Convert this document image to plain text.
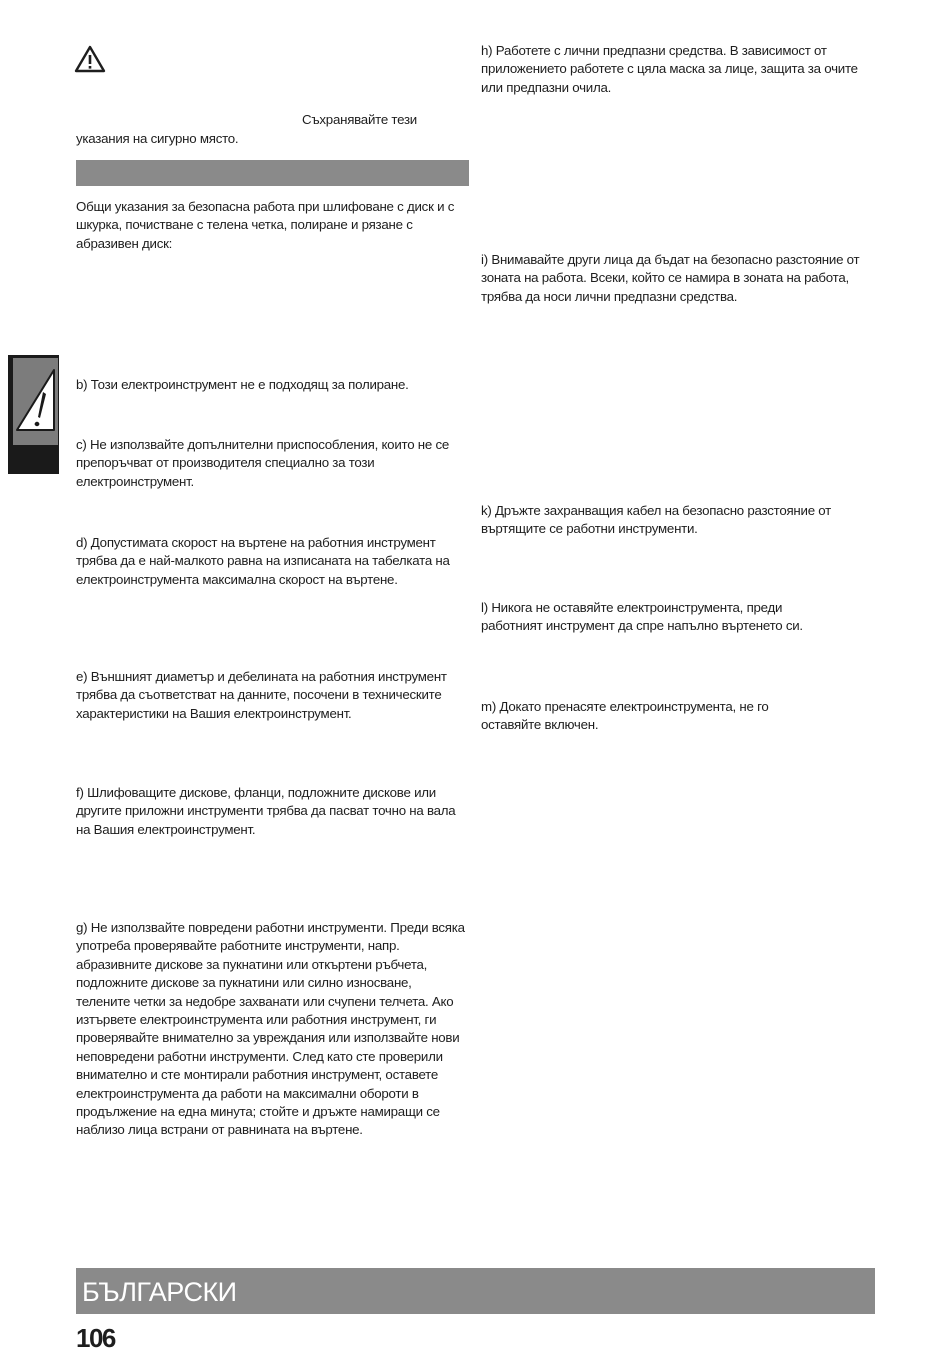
Съхранявайте тези

указания на сигурно място.

Общи указания за безопасна работа при шлифоване с диск и с шкурка, почистване с телена четка, полиране и рязане с абразивен диск:

b) Този електроинструмент не е подходящ за полиране.

c) Не използвайте допълнителни приспособления, които не се препоръчват от производителя специално за този електроинструмент.

d) Допустимата скорост на въртене на работния инструмент трябва да е най-малкото равна на изписаната на табелката на електроинструмента максимална скорост на въртене.

e) Външният диаметър и дебелината на работния инструмент трябва да съответстват на данните, посочени в техническите характеристики на Вашия електроинструмент.

f) Шлифоващите дискове, фланци, подложните дискове или другите приложни инструменти трябва да пасват точно на вала на Вашия електроинструмент.

g) Не използвайте повредени работни инструменти. Преди всяка употреба проверявайте работните инструменти, напр. абразивните дискове за пукнатини или откъртени ръбчета, подложните дискове за пукнатини или силно износване, телените четки за недобре захванати или счупени телчета. Ако изтървете електроинструмента или работния инструмент, ги проверявайте внимателно за увреждания или използвайте нови неповредени работни инструменти. След като сте проверили внимателно и сте монтирали работния инструмент, оставете електроинструмента да работи на максимални обороти в продължение на една минута; стойте и дръжте намиращи се наблизо лица встрани от равнината на въртене.

h) Работете с лични предпазни средства. В зависимост от приложението работете с цяла маска за лице, защита за очите или предпазни очила.

i) Внимавайте други лица да бъдат на безопасно разстояние от зоната на работа. Всеки, който се намира в зоната на работа, трябва да носи лични предпазни средства.

k) Дръжте захранващия кабел на безопасно разстояние от въртящите се работни инструменти.

l) Никога не оставяйте електроинструмента, преди работният инструмент да спре напълно въртенето си.

m) Докато пренасяте електроинструмента, не го оставяйте включен.

БЪЛГАРСКИ

106
